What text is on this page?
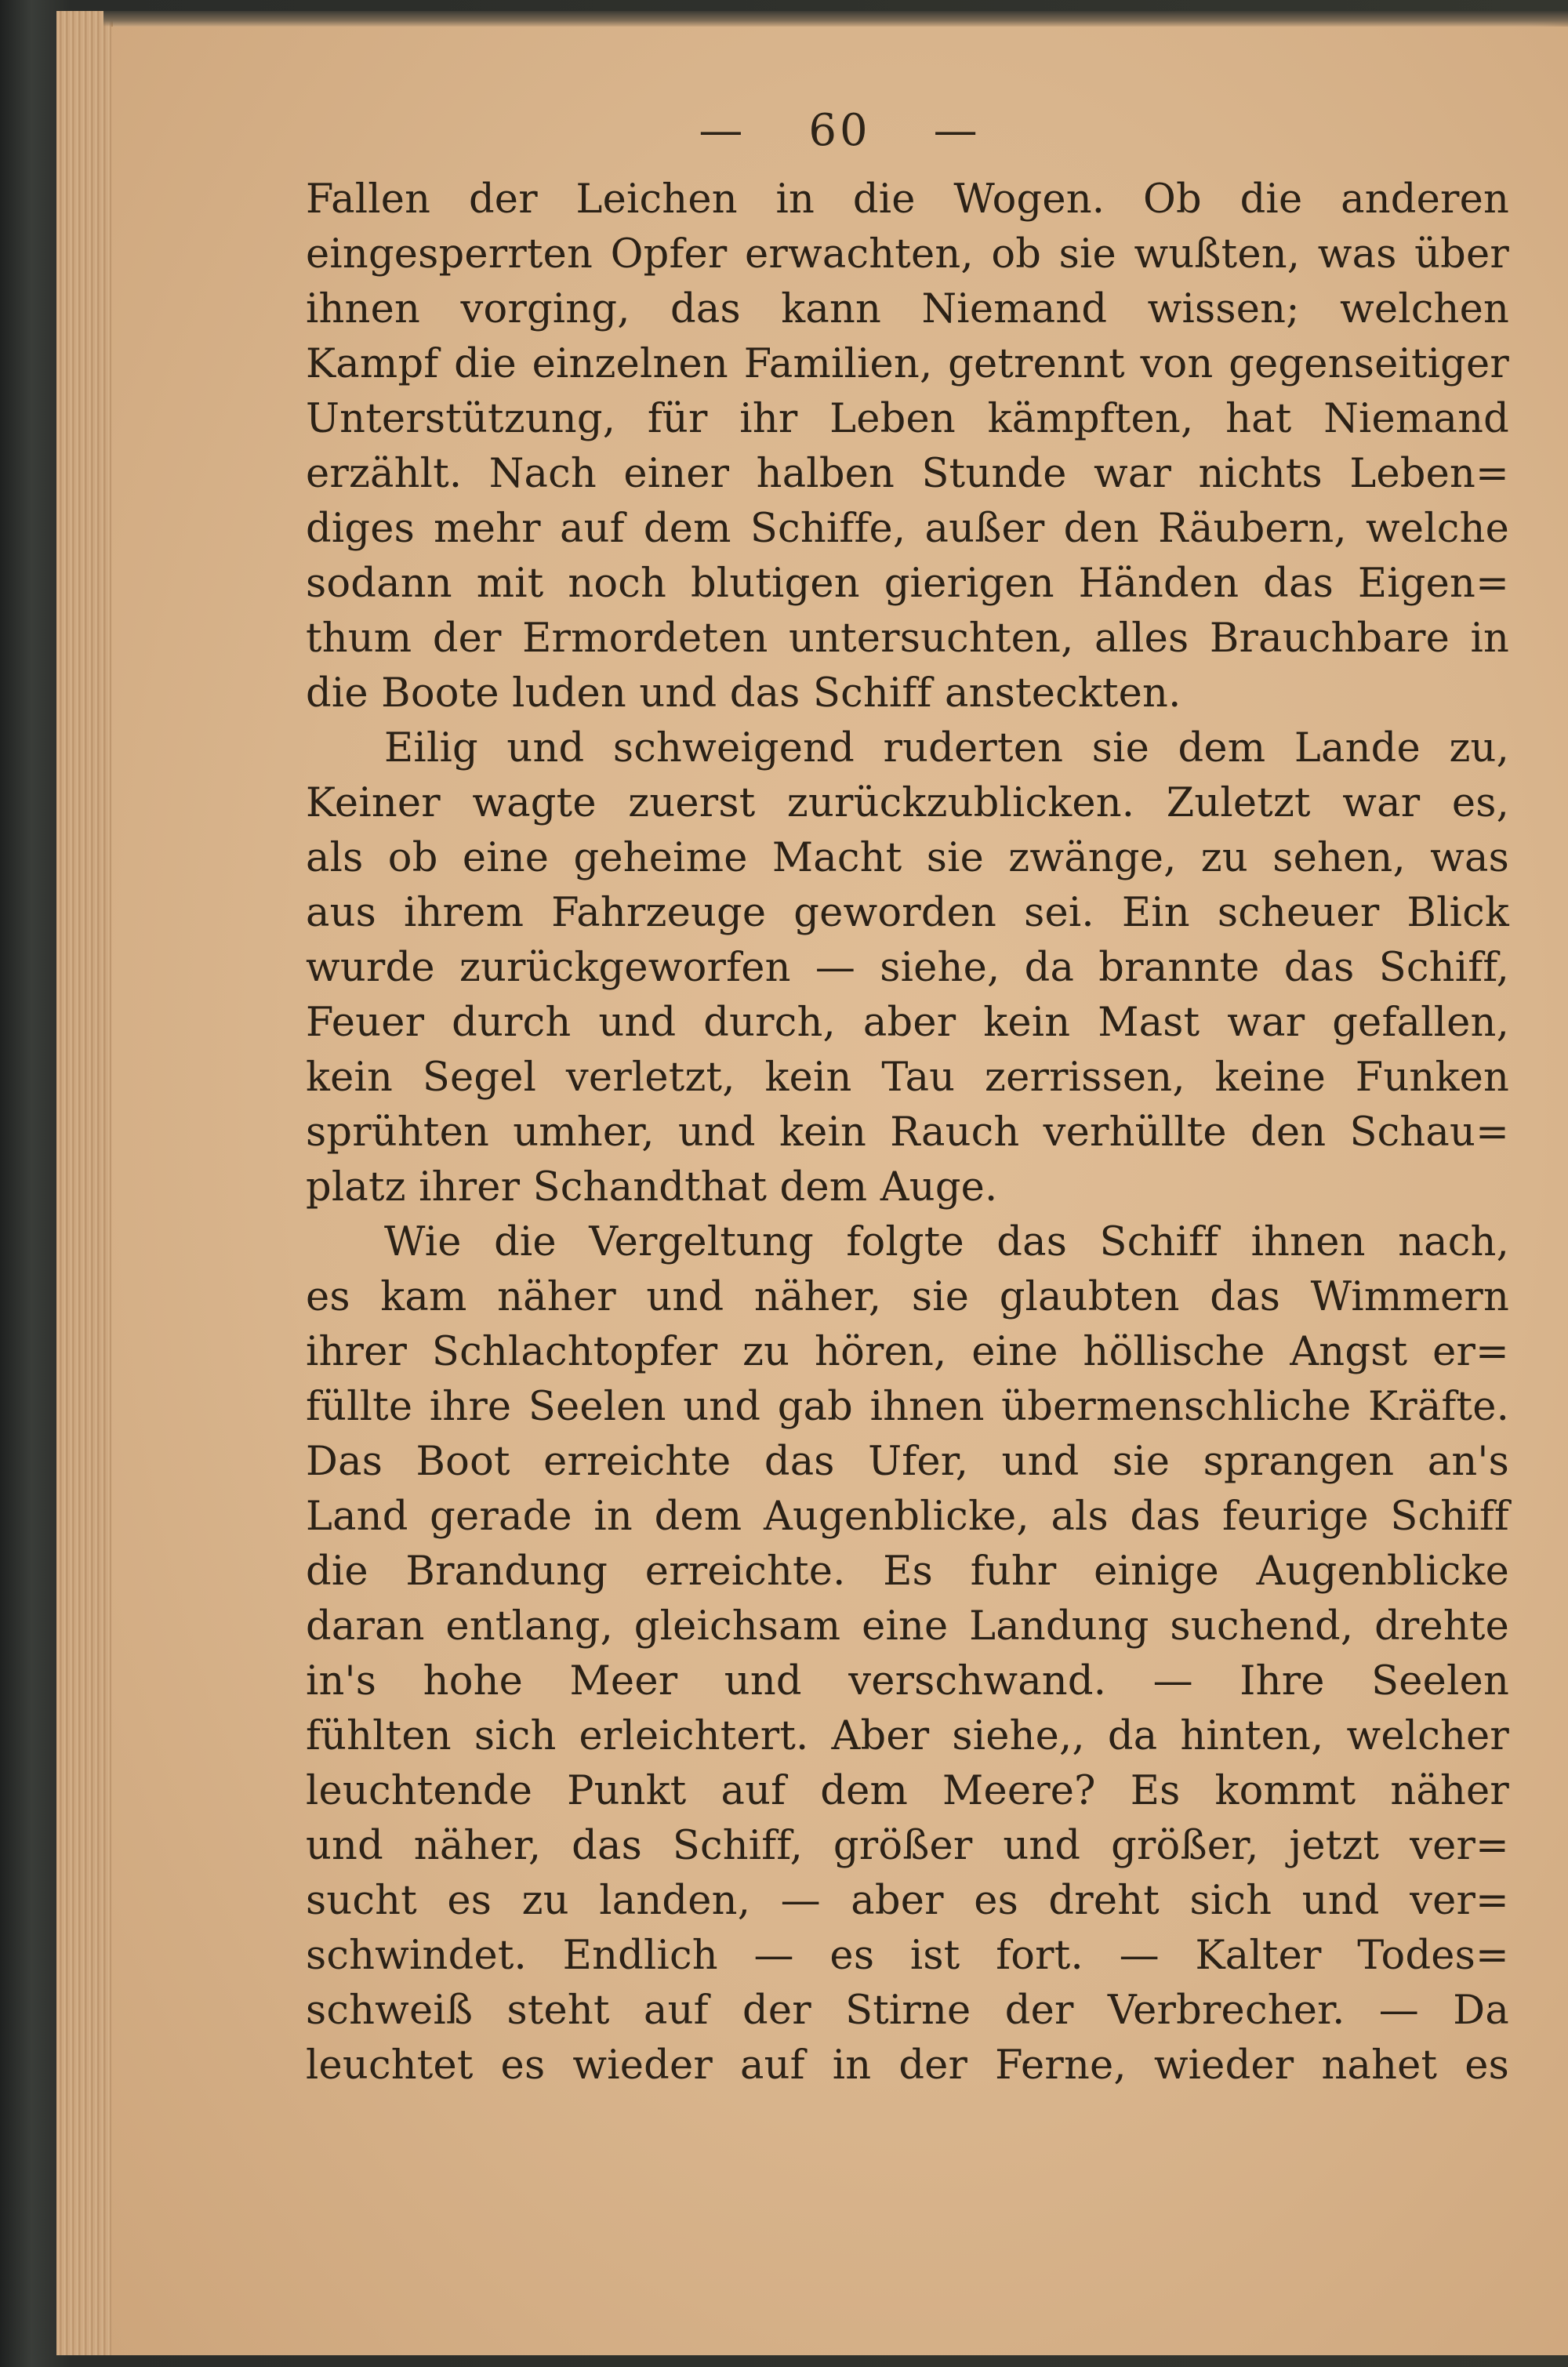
— 60 —
Fallen der Leichen in die Wogen. Ob die anderen
eingesperrten Opfer erwachten, ob sie wußten, was über
ihnen vorging, das kann Niemand wissen; welchen
Kampf die einzelnen Familien, getrennt von gegenseitiger
Unterstützung, für ihr Leben kämpften, hat Niemand
erzählt. Nach einer halben Stunde war nichts Leben=
diges mehr auf dem Schiffe, außer den Räubern, welche
sodann mit noch blutigen gierigen Händen das Eigen=
thum der Ermordeten untersuchten, alles Brauchbare in
die Boote luden und das Schiff ansteckten.
Eilig und schweigend ruderten sie dem Lande zu,
Keiner wagte zuerst zurückzublicken. Zuletzt war es,
als ob eine geheime Macht sie zwänge, zu sehen, was
aus ihrem Fahrzeuge geworden sei. Ein scheuer Blick
wurde zurückgeworfen — siehe, da brannte das Schiff,
Feuer durch und durch, aber kein Mast war gefallen,
kein Segel verletzt, kein Tau zerrissen, keine Funken
sprühten umher, und kein Rauch verhüllte den Schau=
platz ihrer Schandthat dem Auge.
Wie die Vergeltung folgte das Schiff ihnen nach,
es kam näher und näher, sie glaubten das Wimmern
ihrer Schlachtopfer zu hören, eine höllische Angst er=
füllte ihre Seelen und gab ihnen übermenschliche Kräfte.
Das Boot erreichte das Ufer, und sie sprangen an's
Land gerade in dem Augenblicke, als das feurige Schiff
die Brandung erreichte. Es fuhr einige Augenblicke
daran entlang, gleichsam eine Landung suchend, drehte
in's hohe Meer und verschwand. — Ihre Seelen
fühlten sich erleichtert. Aber siehe,, da hinten, welcher
leuchtende Punkt auf dem Meere? Es kommt näher
und näher, das Schiff, größer und größer, jetzt ver=
sucht es zu landen, — aber es dreht sich und ver=
schwindet. Endlich — es ist fort. — Kalter Todes=
schweiß steht auf der Stirne der Verbrecher. — Da
leuchtet es wieder auf in der Ferne, wieder nahet es
